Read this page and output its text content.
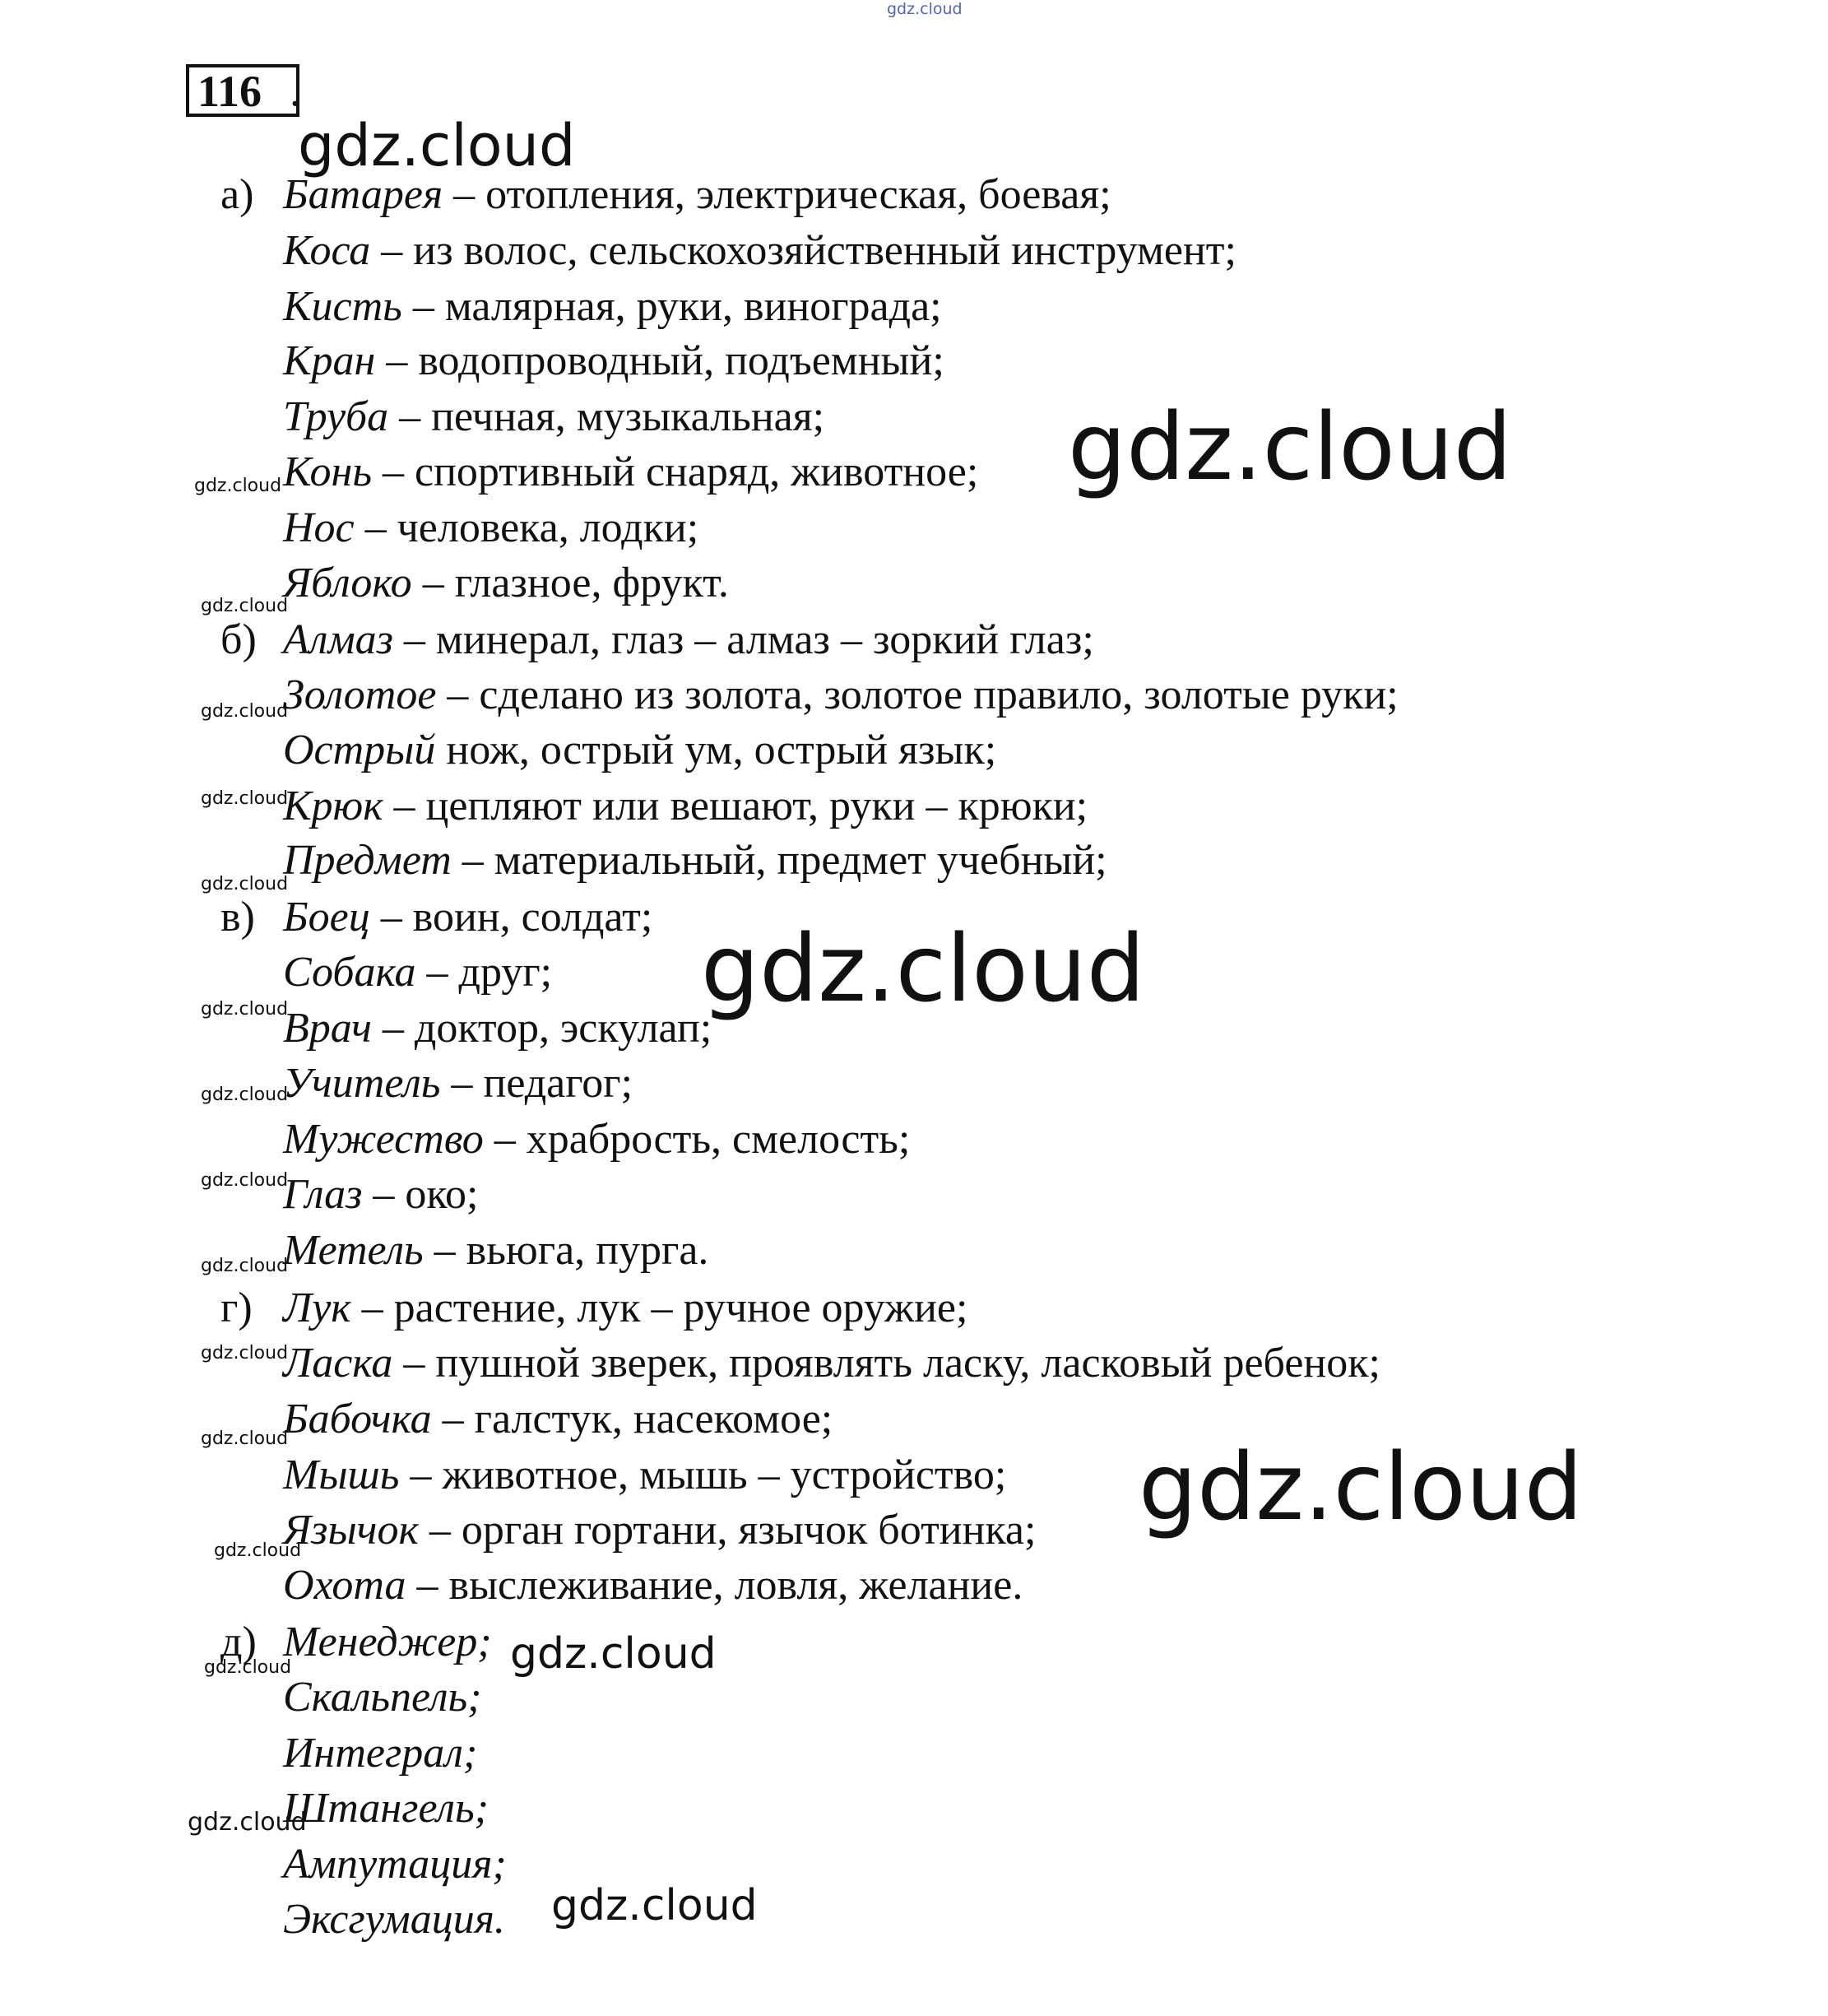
116 .
а)
б)
в)
г)
д)
Батарея – отопления, электрическая, боевая;
Коса – из волос, сельскохозяйственный инструмент;
Кисть – малярная, руки, винограда;
Кран – водопроводный, подъемный;
Труба – печная, музыкальная;
Конь – спортивный снаряд, животное;
Нос – человека, лодки;
Яблоко – глазное, фрукт.
Алмаз – минерал, глаз – алмаз – зоркий глаз;
Золотое – сделано из золота, золотое правило, золотые руки;
Острый нож, острый ум, острый язык;
Крюк – цепляют или вешают, руки – крюки;
Предмет – материальный, предмет учебный;
Боец – воин, солдат;
Собака – друг;
Врач – доктор, эскулап;
Учитель – педагог;
Мужество – храбрость, смелость;
Глаз – око;
Метель – вьюга, пурга.
Лук – растение, лук – ручное оружие;
Ласка – пушной зверек, проявлять ласку, ласковый ребенок;
Бабочка – галстук, насекомое;
Мышь – животное, мышь – устройство;
Язычок – орган гортани, язычок ботинка;
Охота – выслеживание, ловля, желание.
Менеджер;
Скальпель;
Интеграл;
Штангель;
Ампутация;
Эксгумация.
gdz.cloud
gdz.cloud
gdz.cloud
gdz.cloud
gdz.cloud
gdz.cloud
gdz.cloud
gdz.cloud
gdz.cloud
gdz.cloud
gdz.cloud
gdz.cloud
gdz.cloud
gdz.cloud
gdz.cloud
gdz.cloud
gdz.cloud
gdz.cloud
gdz.cloud
gdz.cloud
gdz.cloud
